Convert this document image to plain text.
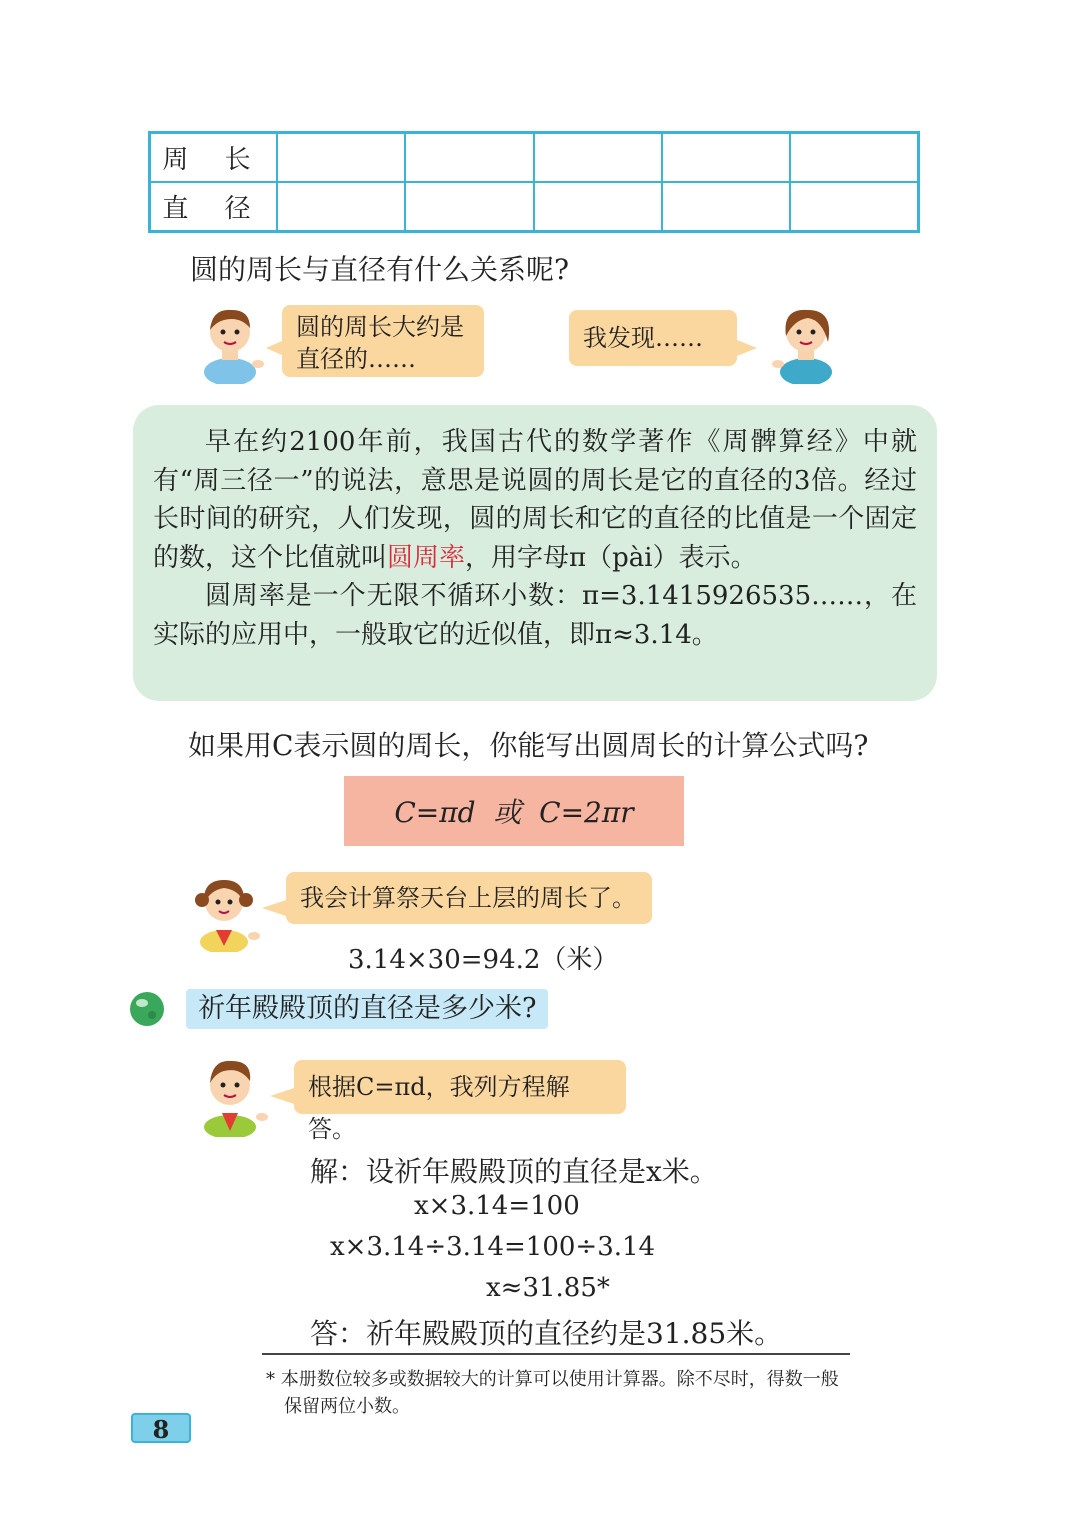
周 长					
直 径					
圆的周长与直径有什么关系呢?
圆的周长大约是
直径的……
我发现……

早在约2100年前，我国古代的数学著作《周髀算经》中就有“周三径一”的说法，意思是说圆的周长是它的直径的3倍。经过长时间的研究，人们发现，圆的周长和它的直径的比值是一个固定的数，这个比值就叫圆周率，用字母π（pài）表示。

圆周率是一个无限不循环小数：π=3.1415926535……，在实际的应用中，一般取它的近似值，即π≈3.14。

如果用C表示圆的周长，你能写出圆周长的计算公式吗?
C=πd  或  C=2πr
我会计算祭天台上层的周长了。
3.14×30=94.2（米）
祈年殿殿顶的直径是多少米?
根据C=πd，我列方程解答。
解：设祈年殿殿顶的直径是x米。
x×3.14=100
x×3.14÷3.14=100÷3.14
x≈31.85*
答：祈年殿殿顶的直径约是31.85米。
* 本册数位较多或数据较大的计算可以使用计算器。除不尽时，得数一般
保留两位小数。
8
